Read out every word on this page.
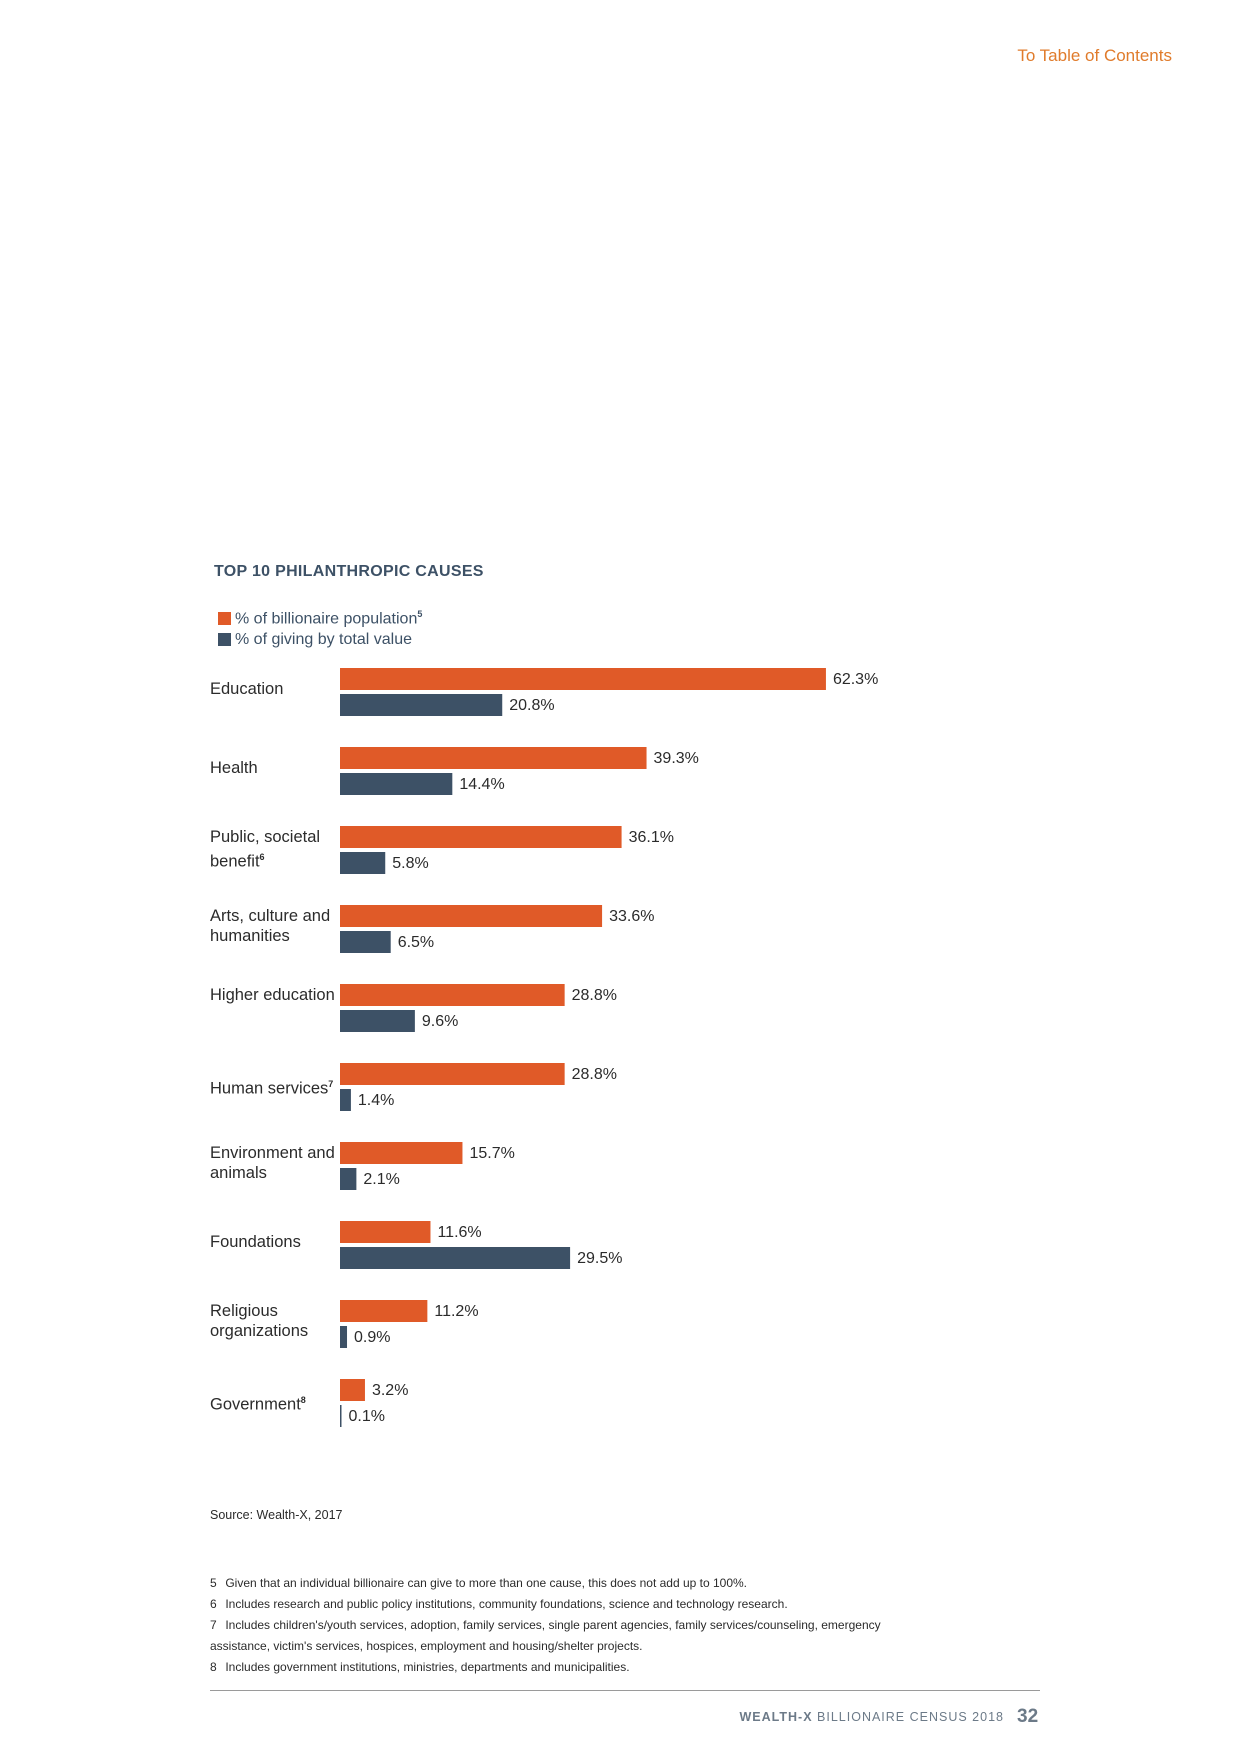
To Table of Contents
TOP 10 PHILANTHROPIC CAUSES
% of billionaire population$^5$
% of giving by total value
Education
Health
Public, societal benefit$^6$
Arts, culture and humanities
Higher education
Human services$^7$
Environment and animals
Foundations
Religious organizations
Government$^8$
62.3%
20.8%
39.3%
14.4%
36.1%
5.8%
33.6%
6.5%
28.8%
9.6%
28.8%
1.4%
15.7%
2.1%
11.6%
29.5%
11.2%
0.9%
3.2%
0.1%
Source: Wealth-X, 2017
5 Given that an individual billionaire can give to more than one cause, this does not add up to 100%.
6 Includes research and public policy institutions, community foundations, science and technology research.
7 Includes children's/youth services, adoption, family services, single parent agencies, family services/counseling, emergency
assistance, victim's services, hospices, employment and housing/shelter projects.
8 Includes government institutions, ministries, departments and municipalities.
WEALTH-X BILLIONAIRE CENSUS 2018 32
